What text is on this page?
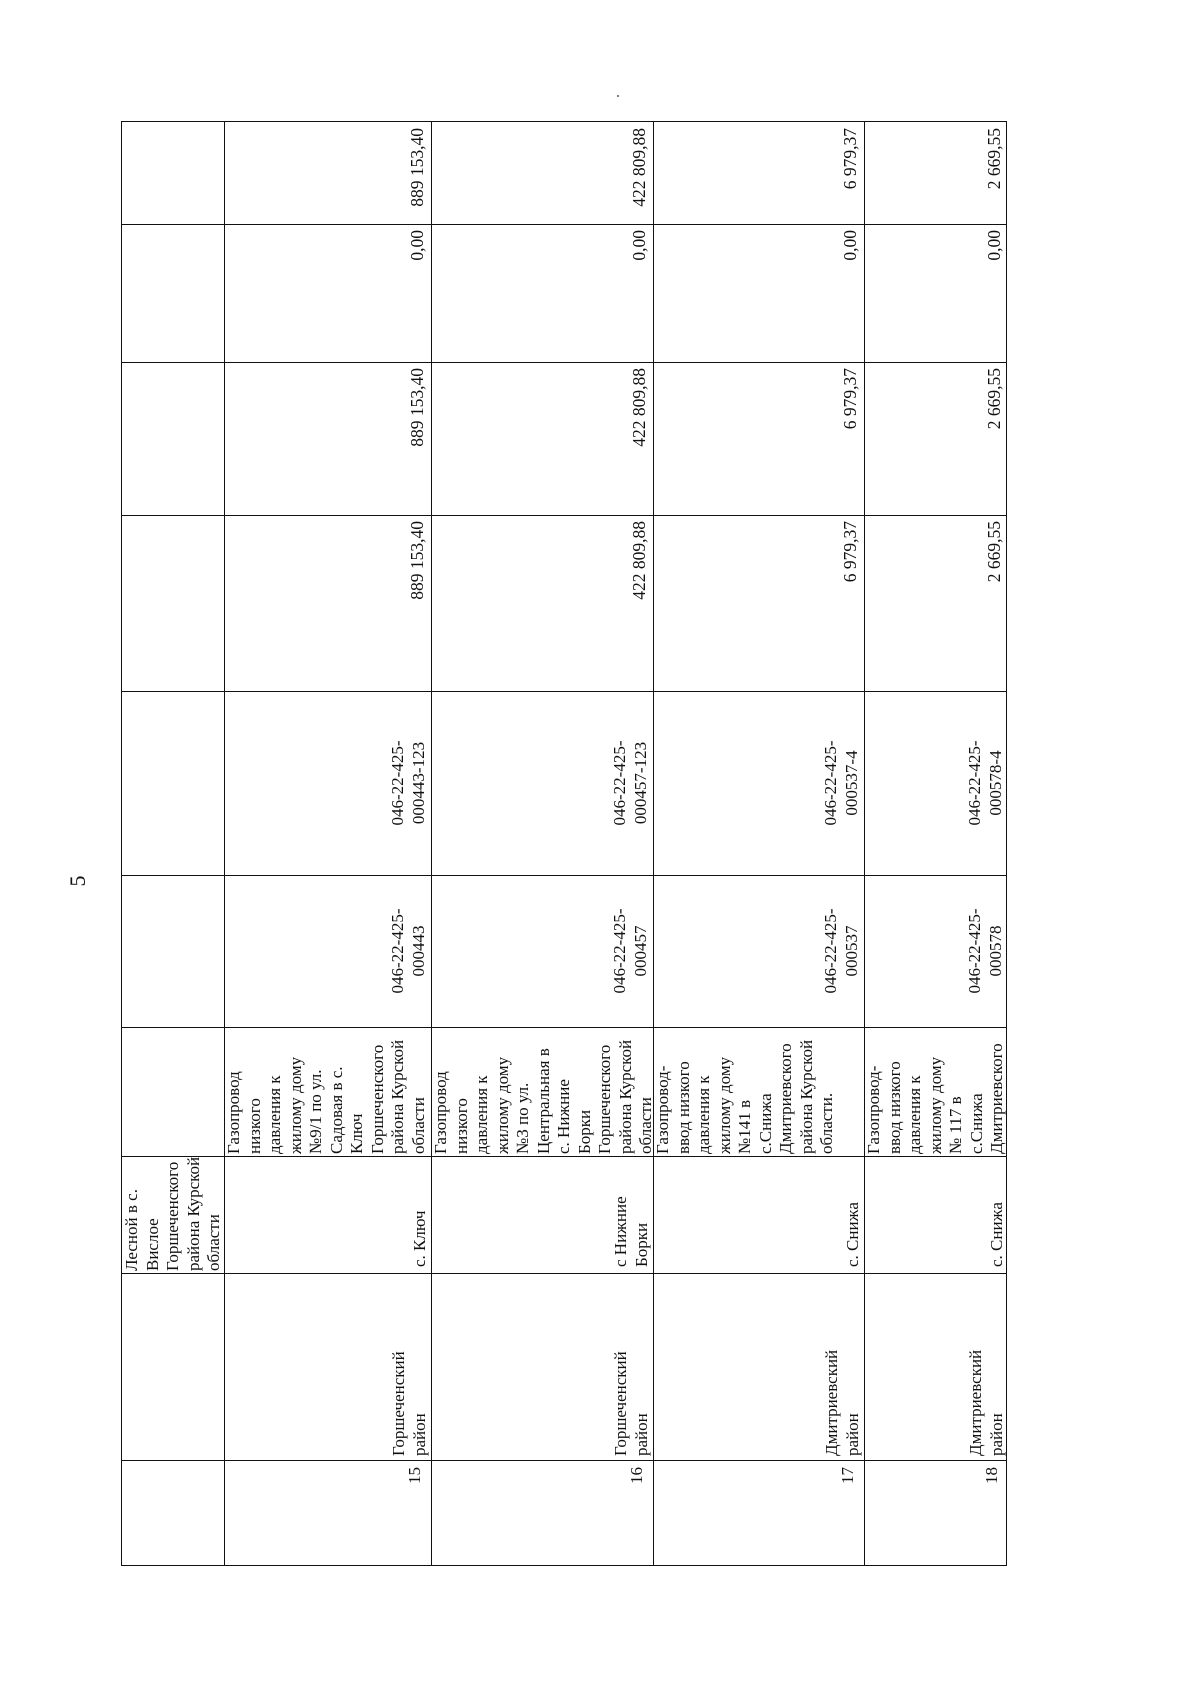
5
Лесной в с.
Вислое
Горшеченского
района Курской
области
15
Горшеченский
район
с. Ключ
Газопровод
низкого
давления к
жилому дому
№9/1 по ул.
Садовая в с.
Ключ
Горшеченского
района Курской
области
046-22-425-
000443
046-22-425-
000443-123
889 153,40
889 153,40
0,00
889 153,40
16
Горшеченский
район
с Нижние
Борки
Газопровод
низкого
давления к
жилому дому
№3 по ул.
Центральная в
с. Нижние
Борки
Горшеченского
района Курской
области
046-22-425-
000457
046-22-425-
000457-123
422 809,88
422 809,88
0,00
422 809,88
17
Дмитриевский
район
с. Снижа
Газопровод-
ввод низкого
давления к
жилому дому
№141 в
с.Снижа
Дмитриевского
района Курской
области.
046-22-425-
000537
046-22-425-
000537-4
6 979,37
6 979,37
0,00
6 979,37
18
Дмитриевский
район
с. Снижа
Газопровод-
ввод низкого
давления к
жилому дому
№ 117 в
с.Снижа
Дмитриевского
046-22-425-
000578
046-22-425-
000578-4
2 669,55
2 669,55
0,00
2 669,55
